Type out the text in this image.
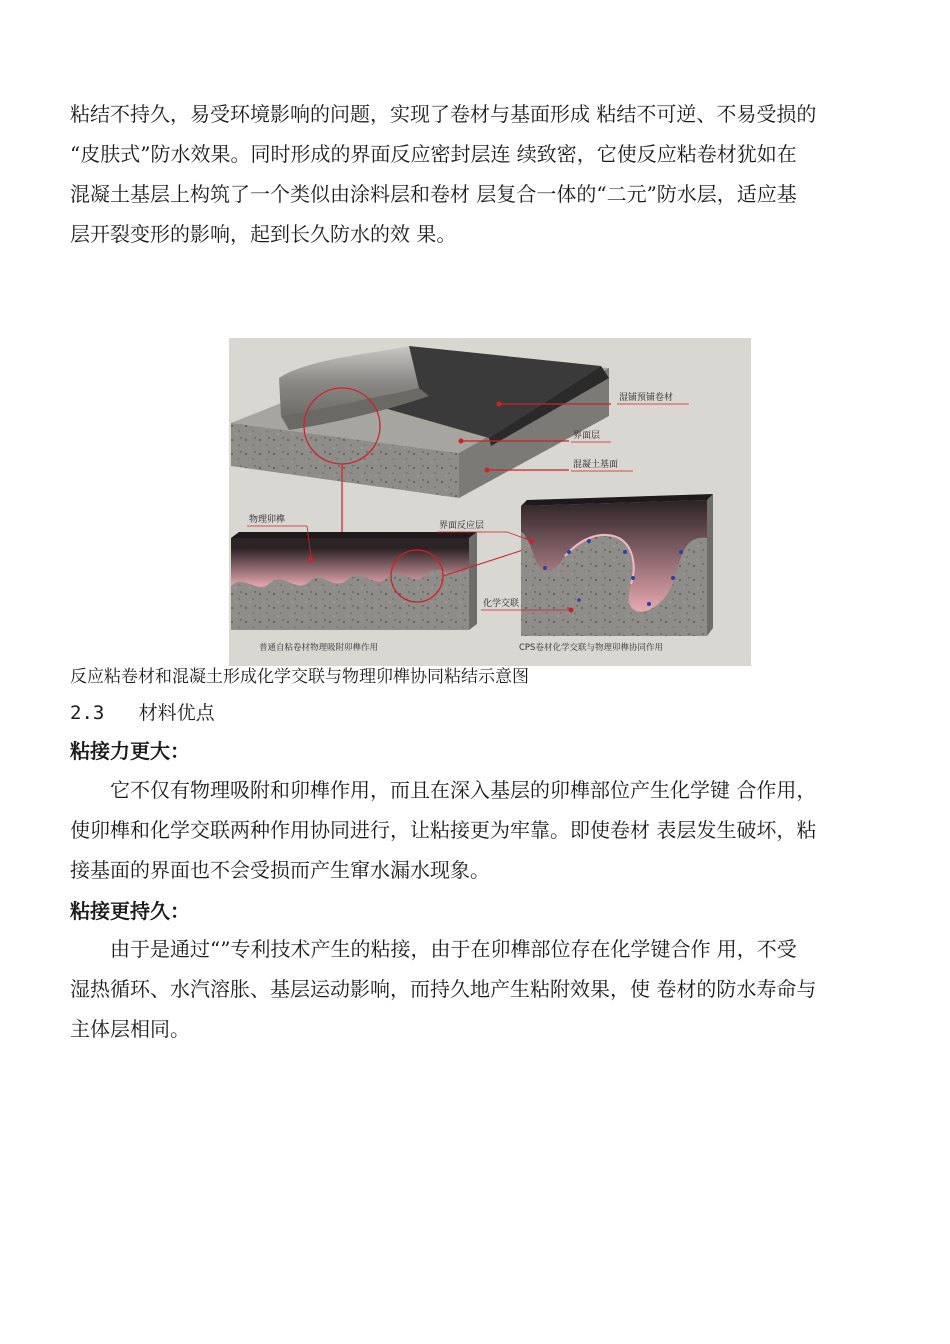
粘结不持久，易受环境影响的问题，实现了卷材与基面形成 粘结不可逆、不易受损的
“皮肤式”防水效果。同时形成的界面反应密封层连 续致密，它使反应粘卷材犹如在
混凝土基层上构筑了一个类似由涂料层和卷材 层复合一体的“二元”防水层，适应基
层开裂变形的影响，起到长久防水的效 果。
湿铺预铺卷材
界面层
混凝土基面
物理卯榫
界面反应层
化学交联
普通自粘卷材物理吸附卯榫作用	CPS卷材化学交联与物理卯榫协同作用
反应粘卷材和混凝土形成化学交联与物理卯榫协同粘结示意图
2.3 材料优点
粘接力更大：
它不仅有物理吸附和卯榫作用，而且在深入基层的卯榫部位产生化学键 合作用，
使卯榫和化学交联两种作用协同进行，让粘接更为牢靠。即使卷材 表层发生破坏，粘
接基面的界面也不会受损而产生窜水漏水现象。
粘接更持久：
由于是通过“”专利技术产生的粘接，由于在卯榫部位存在化学键合作 用，不受
湿热循环、水汽溶胀、基层运动影响，而持久地产生粘附效果，使 卷材的防水寿命与
主体层相同。
